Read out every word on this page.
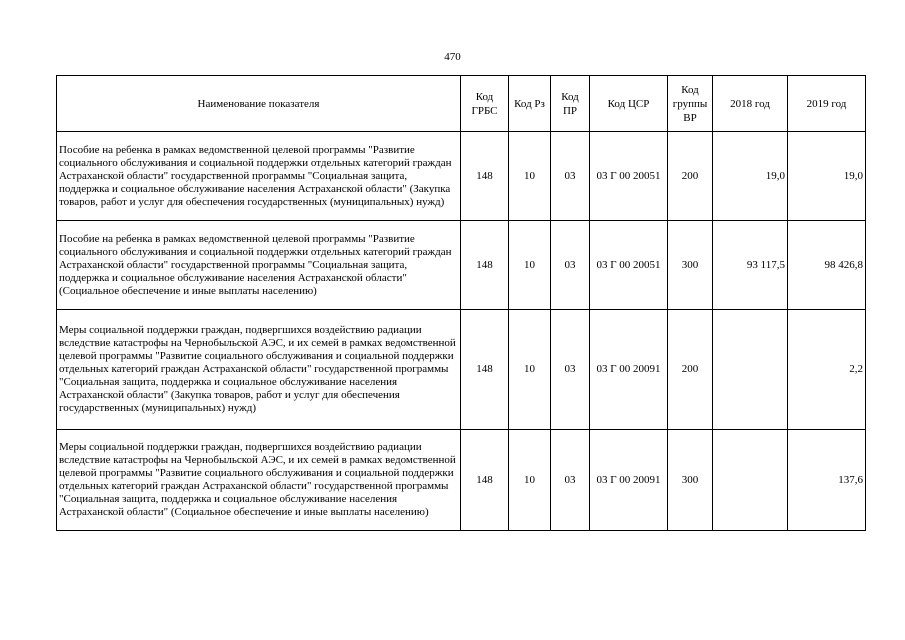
470
Наименование показателя	Код ГРБС	Код Рз	Код ПР	Код ЦСР	Код группы ВР	2018 год	2019 год
Пособие на ребенка в рамках ведомственной целевой программы "Развитие социального обслуживания и социальной поддержки отдельных категорий граждан Астраханской области" государственной программы "Социальная защита, поддержка и социальное обслуживание населения Астраханской области" (Закупка товаров, работ и услуг для обеспечения государственных (муниципальных) нужд)	148	10	03	03 Г 00 20051	200	19,0	19,0
Пособие на ребенка в рамках ведомственной целевой программы "Развитие социального обслуживания и социальной поддержки отдельных категорий граждан Астраханской области" государственной программы "Социальная защита, поддержка и социальное обслуживание населения Астраханской области" (Социальное обеспечение и иные выплаты населению)	148	10	03	03 Г 00 20051	300	93 117,5	98 426,8
Меры социальной поддержки граждан, подвергшихся воздействию радиации вследствие катастрофы на Чернобыльской АЭС, и их семей в рамках ведомственной целевой программы "Развитие социального обслуживания и социальной поддержки отдельных категорий граждан Астраханской области" государственной программы "Социальная защита, поддержка и социальное обслуживание населения Астраханской области" (Закупка товаров, работ и услуг для обеспечения государственных (муниципальных) нужд)	148	10	03	03 Г 00 20091	200		2,2
Меры социальной поддержки граждан, подвергшихся воздействию радиации вследствие катастрофы на Чернобыльской АЭС, и их семей в рамках ведомственной целевой программы "Развитие социального обслуживания и социальной поддержки отдельных категорий граждан Астраханской области" государственной программы "Социальная защита, поддержка и социальное обслуживание населения Астраханской области" (Социальное обеспечение и иные выплаты населению)	148	10	03	03 Г 00 20091	300		137,6
